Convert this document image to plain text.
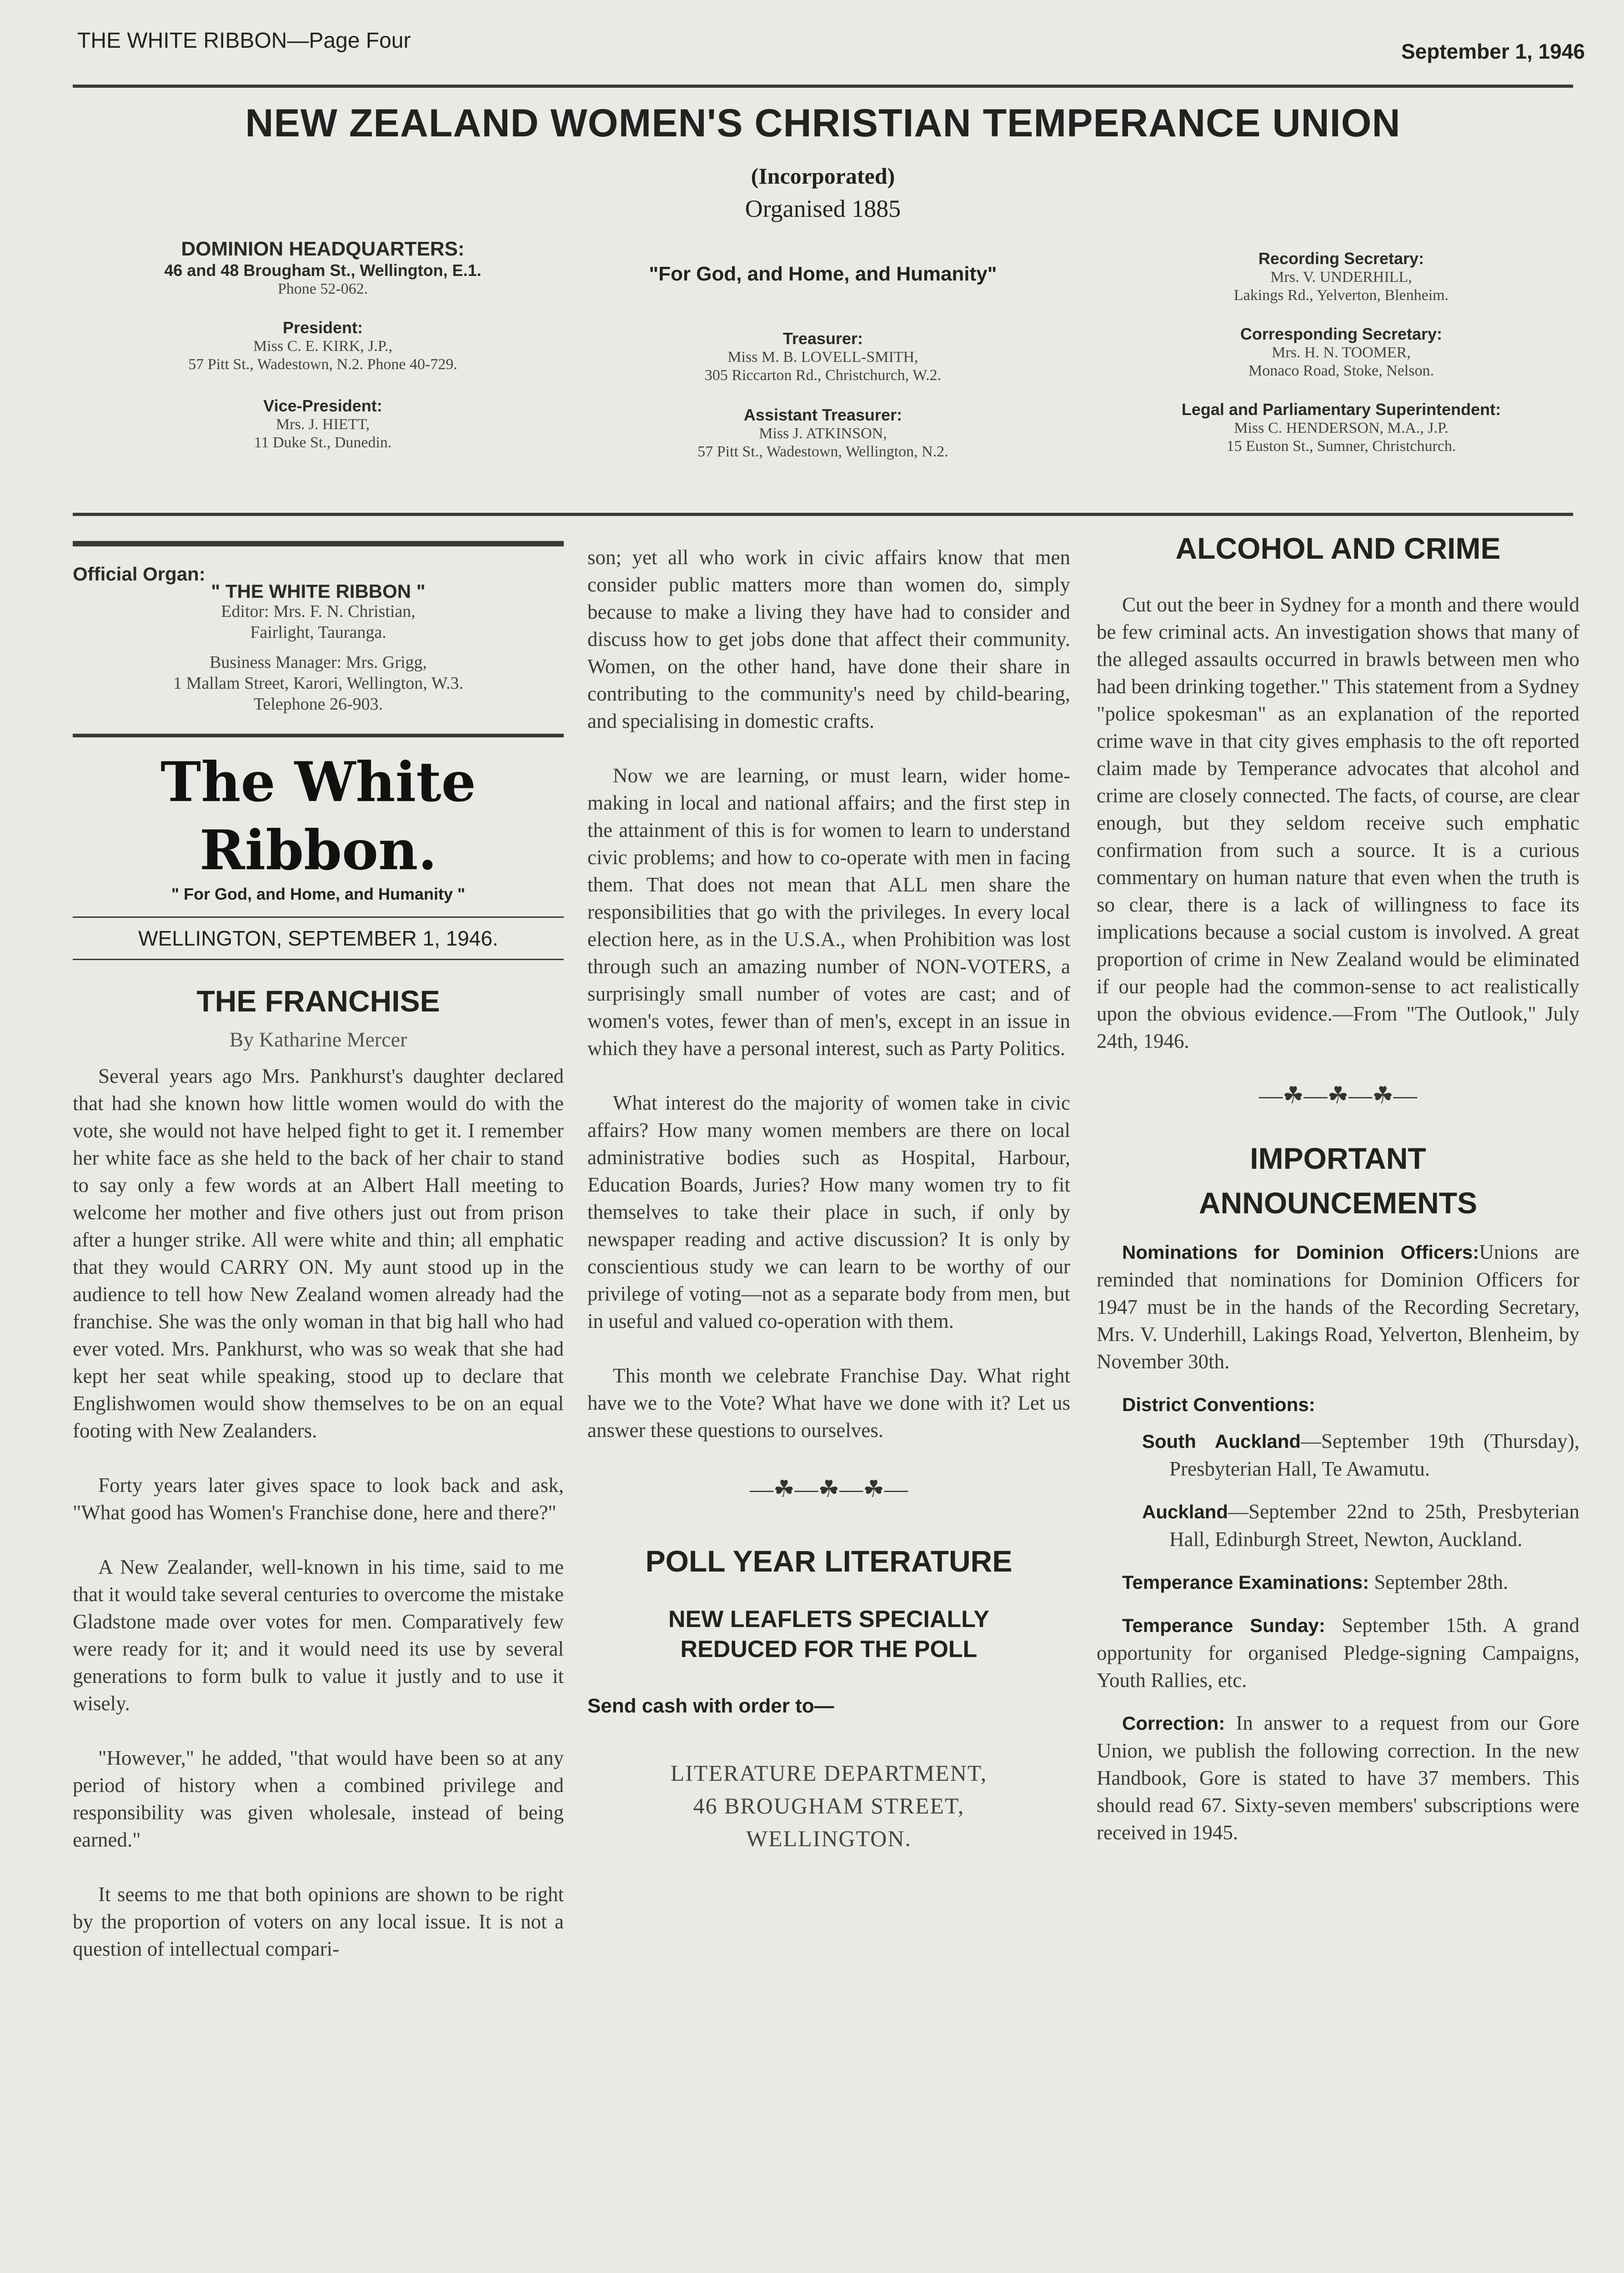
THE WHITE RIBBON—Page Four	September 1, 1946
NEW ZEALAND WOMEN'S CHRISTIAN TEMPERANCE UNION
(Incorporated)
Organised 1885
DOMINION HEADQUARTERS:
46 and 48 Brougham St., Wellington, E.1.
Phone 52-062.
President:
Miss C. E. KIRK, J.P.,
57 Pitt St., Wadestown, N.2. Phone 40-729.
Vice-President:
Mrs. J. HIETT,
11 Duke St., Dunedin.
"For God, and Home, and Humanity"
Treasurer:
Miss M. B. LOVELL-SMITH,
305 Riccarton Rd., Christchurch, W.2.
Assistant Treasurer:
Miss J. ATKINSON,
57 Pitt St., Wadestown, Wellington, N.2.
Recording Secretary:
Mrs. V. UNDERHILL,
Lakings Rd., Yelverton, Blenheim.
Corresponding Secretary:
Mrs. H. N. TOOMER,
Monaco Road, Stoke, Nelson.
Legal and Parliamentary Superintendent:
Miss C. HENDERSON, M.A., J.P.
15 Euston St., Sumner, Christchurch.
Official Organ:
" THE WHITE RIBBON "
Editor: Mrs. F. N. Christian,
Fairlight, Tauranga.
Business Manager: Mrs. Grigg,
1 Mallam Street, Karori, Wellington, W.3.
Telephone 26-903.
The White Ribbon.
" For God, and Home, and Humanity "
WELLINGTON, SEPTEMBER 1, 1946.
THE FRANCHISE
By Katharine Mercer

Several years ago Mrs. Pankhurst's daughter declared that had she known how little women would do with the vote, she would not have helped fight to get it. I remember her white face as she held to the back of her chair to stand to say only a few words at an Albert Hall meeting to welcome her mother and five others just out from prison after a hunger strike. All were white and thin; all emphatic that they would CARRY ON. My aunt stood up in the audience to tell how New Zealand women already had the franchise. She was the only woman in that big hall who had ever voted. Mrs. Pankhurst, who was so weak that she had kept her seat while speaking, stood up to declare that Englishwomen would show themselves to be on an equal footing with New Zealanders.

Forty years later gives space to look back and ask, "What good has Women's Franchise done, here and there?"

A New Zealander, well-known in his time, said to me that it would take several centuries to overcome the mistake Gladstone made over votes for men. Comparatively few were ready for it; and it would need its use by several generations to form bulk to value it justly and to use it wisely.

"However," he added, "that would have been so at any period of history when a combined privilege and responsibility was given wholesale, instead of being earned."

It seems to me that both opinions are shown to be right by the proportion of voters on any local issue. It is not a question of intellectual compari-

son; yet all who work in civic affairs know that men consider public matters more than women do, simply because to make a living they have had to consider and discuss how to get jobs done that affect their community. Women, on the other hand, have done their share in contributing to the community's need by child-bearing, and specialising in domestic crafts.

Now we are learning, or must learn, wider home-making in local and national affairs; and the first step in the attainment of this is for women to learn to understand civic problems; and how to co-operate with men in facing them. That does not mean that ALL men share the responsibilities that go with the privileges. In every local election here, as in the U.S.A., when Prohibition was lost through such an amazing number of NON-VOTERS, a surprisingly small number of votes are cast; and of women's votes, fewer than of men's, except in an issue in which they have a personal interest, such as Party Politics.

What interest do the majority of women take in civic affairs? How many women members are there on local administrative bodies such as Hospital, Harbour, Education Boards, Juries? How many women try to fit themselves to take their place in such, if only by newspaper reading and active discussion? It is only by conscientious study we can learn to be worthy of our privilege of voting—not as a separate body from men, but in useful and valued co-operation with them.

This month we celebrate Franchise Day. What right have we to the Vote? What have we done with it? Let us answer these questions to ourselves.

—☘—☘—☘—
POLL YEAR LITERATURE
NEW LEAFLETS SPECIALLY
REDUCED FOR THE POLL
Send cash with order to—
LITERATURE DEPARTMENT,
46 BROUGHAM STREET,
WELLINGTON.
ALCOHOL AND CRIME

Cut out the beer in Sydney for a month and there would be few criminal acts. An investigation shows that many of the alleged assaults occurred in brawls between men who had been drinking together." This statement from a Sydney "police spokesman" as an explanation of the reported crime wave in that city gives emphasis to the oft reported claim made by Temperance advocates that alcohol and crime are closely connected. The facts, of course, are clear enough, but they seldom receive such emphatic confirmation from such a source. It is a curious commentary on human nature that even when the truth is so clear, there is a lack of willingness to face its implications because a social custom is involved. A great proportion of crime in New Zealand would be eliminated if our people had the common-sense to act realistically upon the obvious evidence.—From "The Outlook," July 24th, 1946.

—☘—☘—☘—
IMPORTANT
ANNOUNCEMENTS

Nominations for Dominion Officers:Unions are reminded that nominations for Dominion Officers for 1947 must be in the hands of the Recording Secretary, Mrs. V. Underhill, Lakings Road, Yelverton, Blenheim, by November 30th.

District Conventions:

South Auckland—September 19th (Thursday), Presbyterian Hall, Te Awamutu.

Auckland—September 22nd to 25th, Presbyterian Hall, Edinburgh Street, Newton, Auckland.

Temperance Examinations: September 28th.

Temperance Sunday: September 15th. A grand opportunity for organised Pledge-signing Campaigns, Youth Rallies, etc.

Correction: In answer to a request from our Gore Union, we publish the following correction. In the new Handbook, Gore is stated to have 37 members. This should read 67. Sixty-seven members' subscriptions were received in 1945.
